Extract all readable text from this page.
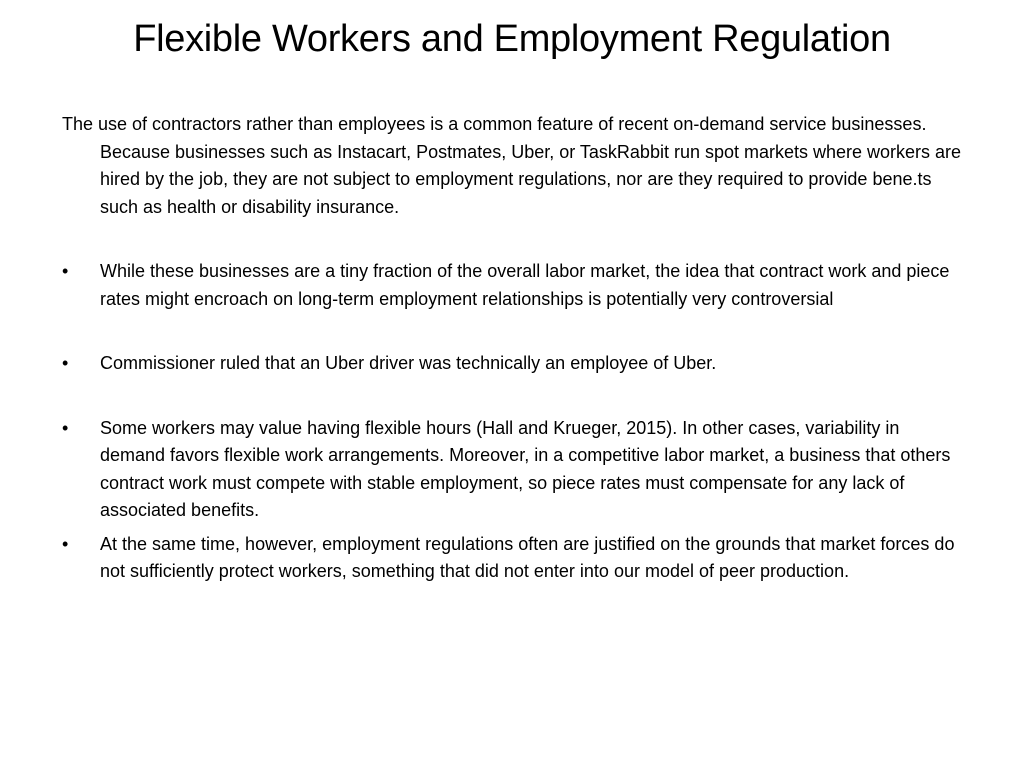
Flexible Workers and Employment Regulation

The use of contractors rather than employees is a common feature of recent on-demand service businesses. Because businesses such as Instacart, Postmates, Uber, or TaskRabbit run spot markets where workers are hired by the job, they are not subject to employment regulations, nor are they required to provide bene.ts such as health or disability insurance.

•	While these businesses are a tiny fraction of the overall labor market, the idea that contract work and piece rates might encroach on long-term employment relationships is potentially very controversial
•	Commissioner ruled that an Uber driver was technically an employee of Uber.
•	Some workers may value having flexible hours (Hall and Krueger, 2015). In other cases, variability in demand favors flexible work arrangements. Moreover, in a competitive labor market, a business that others contract work must compete with stable employment, so piece rates must compensate for any lack of associated benefits.
•	At the same time, however, employment regulations often are justified on the grounds that market forces do not sufficiently protect workers, something that did not enter into our model of peer production.
